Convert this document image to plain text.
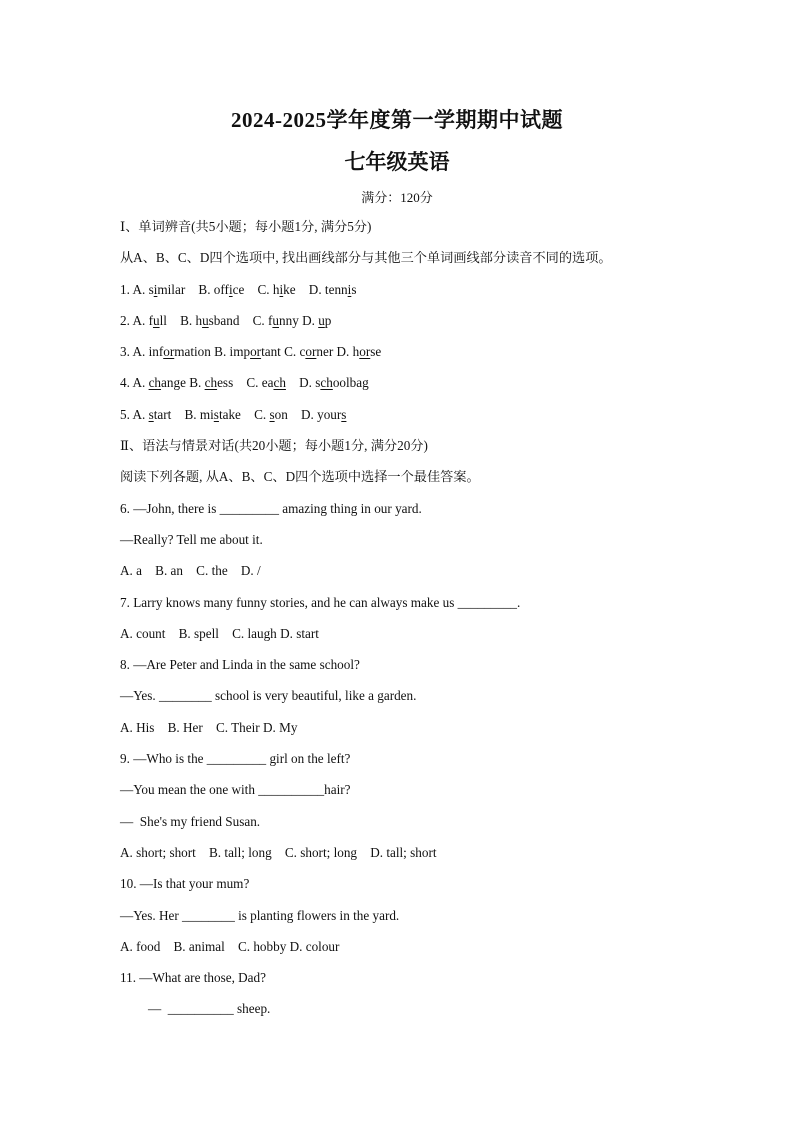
2024-2025学年度第一学期期中试题
七年级英语
满分：120分
Ⅰ、单词辨音(共5小题；每小题1分, 满分5分)
从A、B、C、D四个选项中, 找出画线部分与其他三个单词画线部分读音不同的选项。
1. A. similar    B. office    C. hike    D. tennis
2. A. full    B. husband    C. funny D. up
3. A. information B. important C. corner D. horse
4. A. change B. chess    C. each    D. schoolbag
5. A. start    B. mistake    C. son    D. yours
Ⅱ、语法与情景对话(共20小题；每小题1分, 满分20分)
阅读下列各题, 从A、B、C、D四个选项中选择一个最佳答案。
6. —John, there is _________ amazing thing in our yard.
—Really? Tell me about it.
A. a    B. an    C. the    D. /
7. Larry knows many funny stories, and he can always make us _________.
A. count    B. spell    C. laugh D. start
8. —Are Peter and Linda in the same school?
—Yes. ________ school is very beautiful, like a garden.
A. His    B. Her    C. Their D. My
9. —Who is the _________ girl on the left?
—You mean the one with __________hair?
—  She's my friend Susan.
A. short; short    B. tall; long    C. short; long    D. tall; short
10. —Is that your mum?
—Yes. Her ________ is planting flowers in the yard.
A. food    B. animal    C. hobby D. colour
11. —What are those, Dad?
—  __________ sheep.
